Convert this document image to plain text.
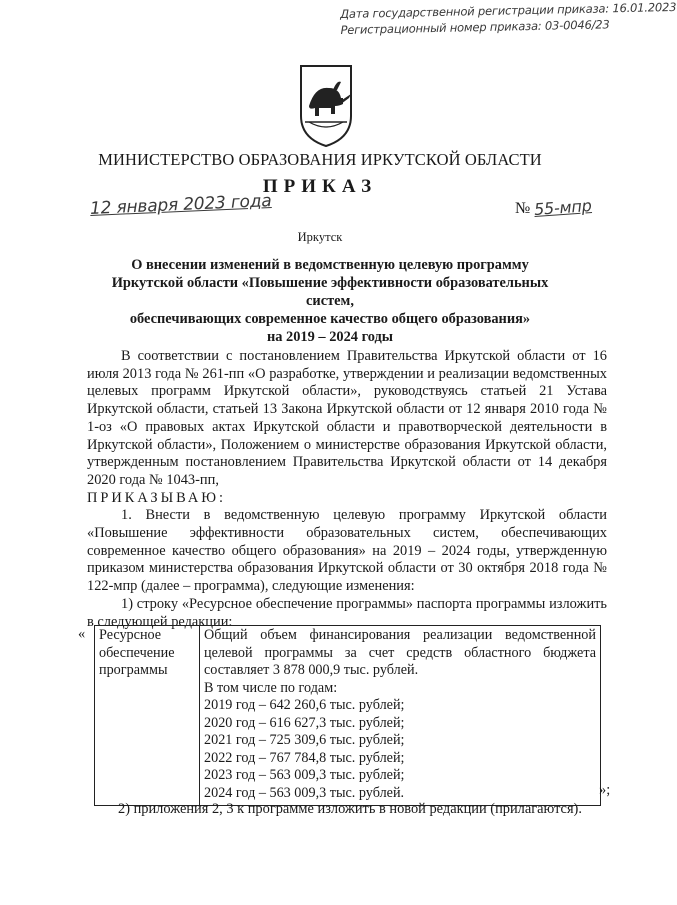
Дата государственной регистрации приказа: 16.01.2023
Регистрационный номер приказа: 03-0046/23
МИНИСТЕРСТВО ОБРАЗОВАНИЯ ИРКУТСКОЙ ОБЛАСТИ
ПРИКАЗ
12 января 2023 года	№ 55-мпр
Иркутск
О внесении изменений в ведомственную целевую программу
Иркутской области «Повышение эффективности образовательных систем,
обеспечивающих современное качество общего образования»
на 2019 – 2024 годы

В соответствии с постановлением Правительства Иркутской области от 16 июля 2013 года № 261-пп «О разработке, утверждении и реализации ведомственных целевых программ Иркутской области», руководствуясь статьей 21 Устава Иркутской области, статьей 13 Закона Иркутской области от 12 января 2010 года № 1-оз «О правовых актах Иркутской области и правотворческой деятельности в Иркутской области», Положением о министерстве образования Иркутской области, утвержденным постановлением Правительства Иркутской области от 14 декабря 2020 года № 1043-пп,

ПРИКАЗЫВАЮ:

1. Внести в ведомственную целевую программу Иркутской области «Повышение эффективности образовательных систем, обеспечивающих современное качество общего образования» на 2019 – 2024 годы, утвержденную приказом министерства образования Иркутской области от 30 октября 2018 года № 122-мпр (далее – программа), следующие изменения:

1) строку «Ресурсное обеспечение программы» паспорта программы изложить в следующей редакции:

« Ресурсное обеспечение программы	
Общий объем финансирования реализации ведомственной целевой программы за счет средств областного бюджета составляет 3 878 000,9 тыс. рублей.
В том числе по годам:
2019 год – 642 260,6 тыс. рублей;
2020 год – 616 627,3 тыс. рублей;
2021 год – 725 309,6 тыс. рублей;
2022 год – 767 784,8 тыс. рублей;
2023 год – 563 009,3 тыс. рублей;
2024 год – 563 009,3 тыс. рублей.	»;
2) приложения 2, 3 к программе изложить в новой редакции (прилагаются).
